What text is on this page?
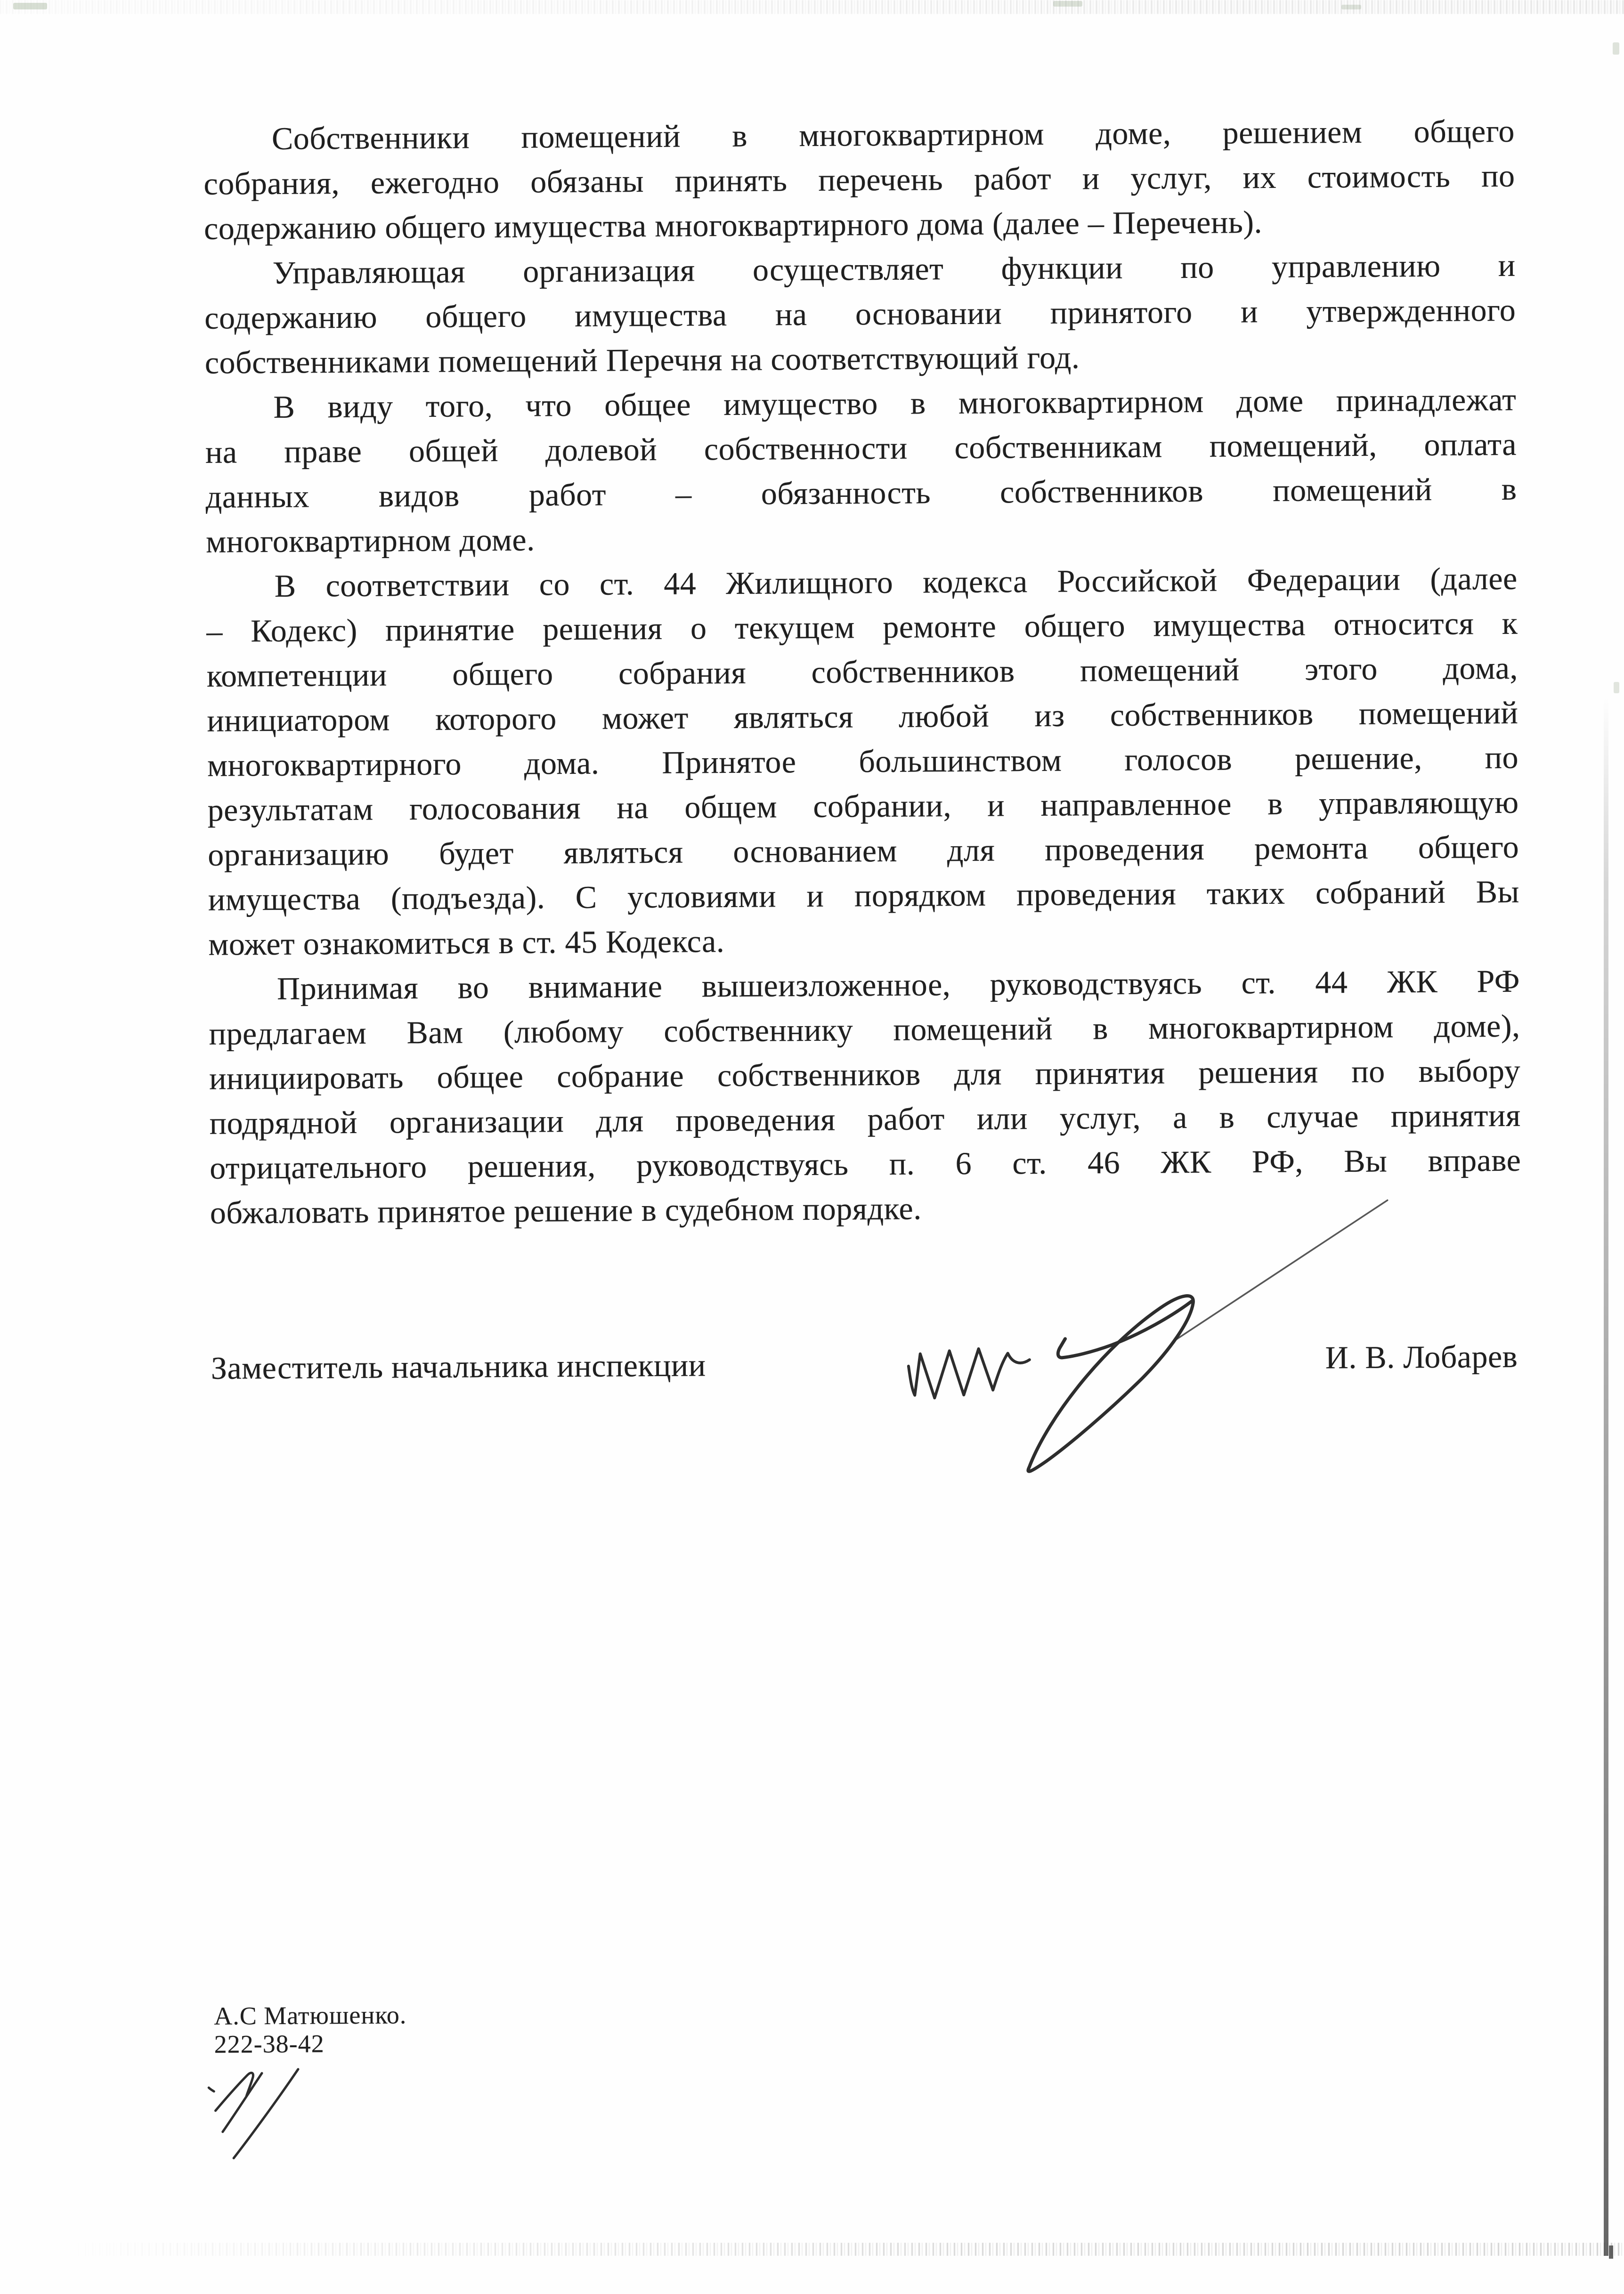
Собственники помещений в многоквартирном доме, решением общего
собрания, ежегодно обязаны принять перечень работ и услуг, их стоимость по
содержанию общего имущества многоквартирного дома (далее – Перечень).
Управляющая организация осуществляет функции по управлению и
содержанию общего имущества на основании принятого и утвержденного
собственниками помещений Перечня на соответствующий год.
В виду того, что общее имущество в многоквартирном доме принадлежат
на праве общей долевой собственности собственникам помещений, оплата
данных видов работ – обязанность собственников помещений в
многоквартирном доме.
В соответствии со ст. 44 Жилищного кодекса Российской Федерации (далее
– Кодекс) принятие решения о текущем ремонте общего имущества относится к
компетенции общего собрания собственников помещений этого дома,
инициатором которого может являться любой из собственников помещений
многоквартирного дома. Принятое большинством голосов решение, по
результатам голосования на общем собрании, и направленное в управляющую
организацию будет являться основанием для проведения ремонта общего
имущества (подъезда). С условиями и порядком проведения таких собраний Вы
может ознакомиться в ст. 45 Кодекса.
Принимая во внимание вышеизложенное, руководствуясь ст. 44 ЖК РФ
предлагаем Вам (любому собственнику помещений в многоквартирном доме),
инициировать общее собрание собственников для принятия решения по выбору
подрядной организации для проведения работ или услуг, а в случае принятия
отрицательного решения, руководствуясь п. 6 ст. 46 ЖК РФ, Вы вправе
обжаловать принятое решение в судебном порядке.
Заместитель начальника инспекции	И. В. Лобарев
А.С Матюшенко.
222-38-42
